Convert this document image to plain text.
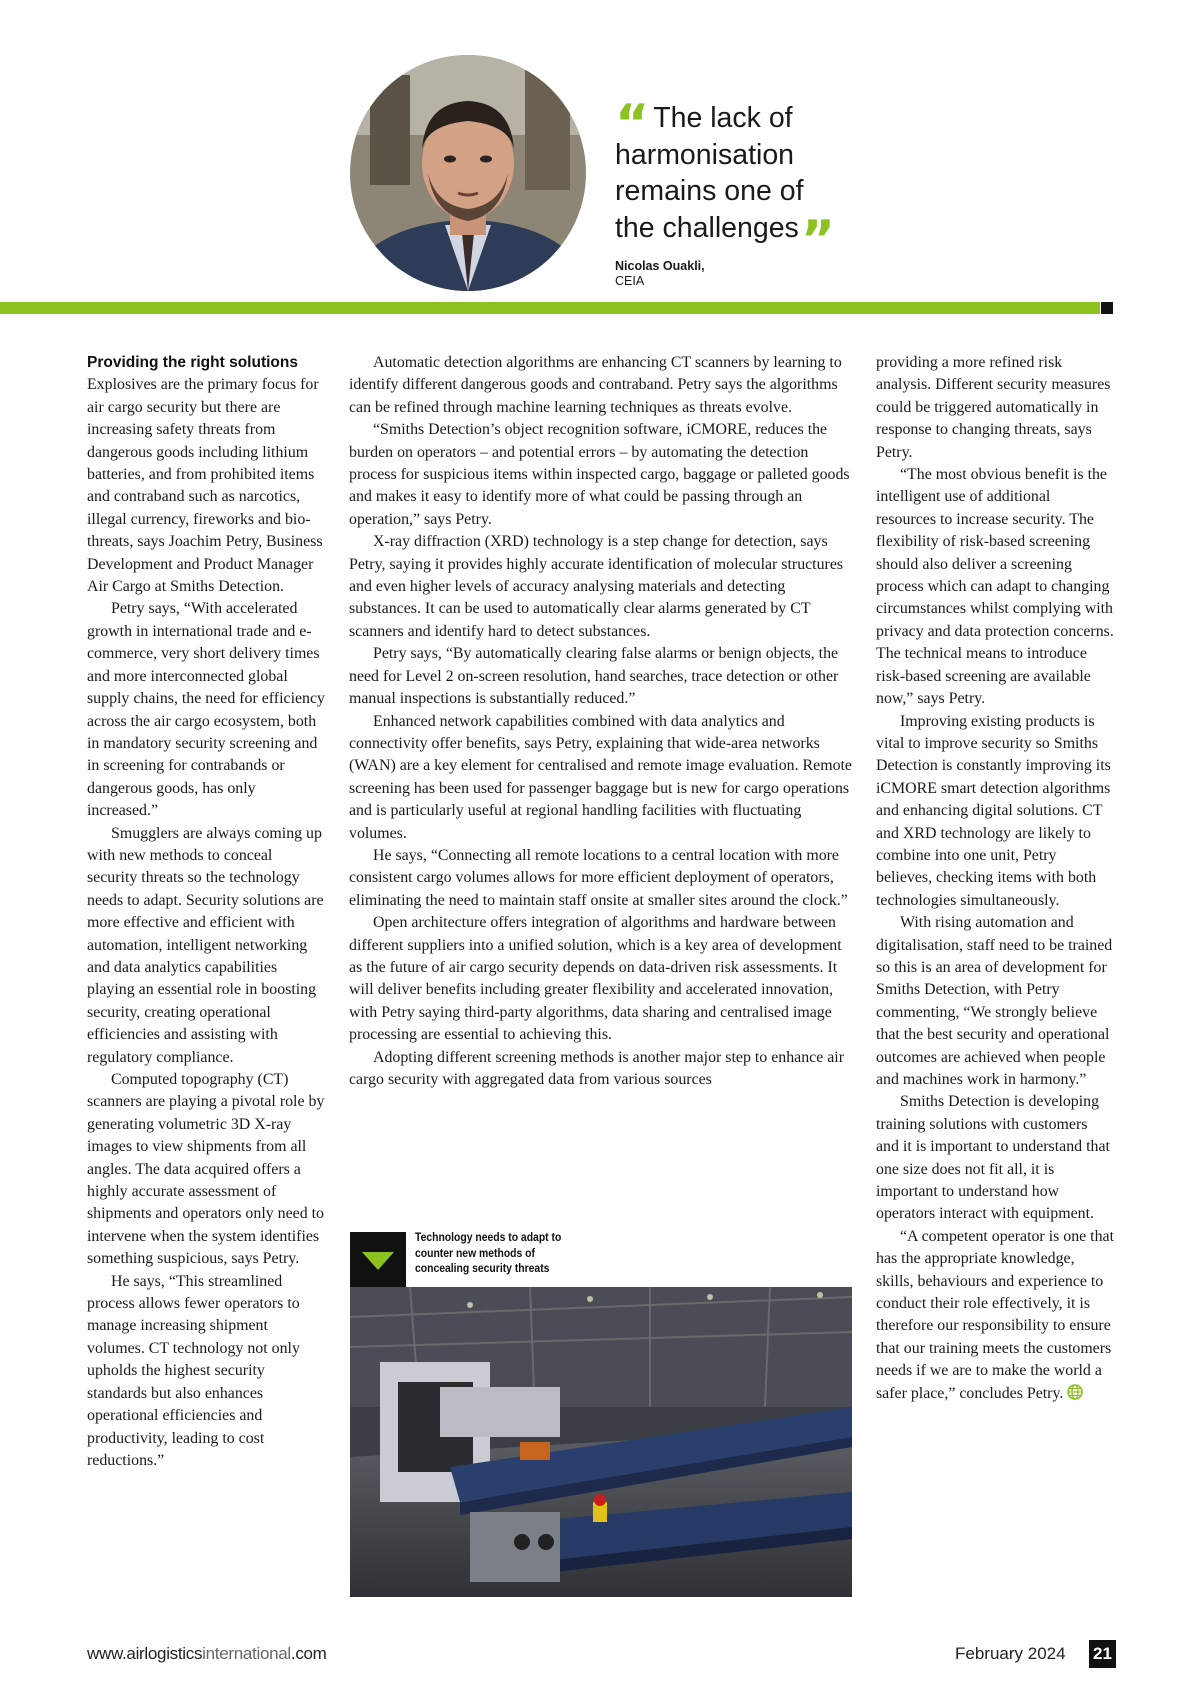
“ The lack of
harmonisation
remains one of
the challenges”
Nicolas Ouakli,
CEIA

Providing the right solutions

Explosives are the primary focus for air cargo security but there are increasing safety threats from dangerous goods including lithium batteries, and from prohibited items and contraband such as narcotics, illegal currency, fireworks and bio-threats, says Joachim Petry, Business Development and Product Manager Air Cargo at Smiths Detection.

Petry says, “With accelerated growth in international trade and e-commerce, very short delivery times and more interconnected global supply chains, the need for efficiency across the air cargo ecosystem, both in mandatory security screening and in screening for contrabands or dangerous goods, has only increased.”

Smugglers are always coming up with new methods to conceal security threats so the technology needs to adapt. Security solutions are more effective and efficient with automation, intelligent networking and data analytics capabilities playing an essential role in boosting security, creating operational efficiencies and assisting with regulatory compliance.

Computed topography (CT) scanners are playing a pivotal role by generating volumetric 3D X-ray images to view shipments from all angles. The data acquired offers a highly accurate assessment of shipments and operators only need to intervene when the system identifies something suspicious, says Petry.

He says, “This streamlined process allows fewer operators to manage increasing shipment volumes. CT technology not only upholds the highest security standards but also enhances operational efficiencies and productivity, leading to cost reductions.”

Automatic detection algorithms are enhancing CT scanners by learning to identify different dangerous goods and contraband. Petry says the algorithms can be refined through machine learning techniques as threats evolve.

“Smiths Detection’s object recognition software, iCMORE, reduces the burden on operators – and potential errors – by automating the detection process for suspicious items within inspected cargo, baggage or palleted goods and makes it easy to identify more of what could be passing through an operation,” says Petry.

X-ray diffraction (XRD) technology is a step change for detection, says Petry, saying it provides highly accurate identification of molecular structures and even higher levels of accuracy analysing materials and detecting substances. It can be used to automatically clear alarms generated by CT scanners and identify hard to detect substances.

Petry says, “By automatically clearing false alarms or benign objects, the need for Level 2 on-screen resolution, hand searches, trace detection or other manual inspections is substantially reduced.”

Enhanced network capabilities combined with data analytics and connectivity offer benefits, says Petry, explaining that wide-area networks (WAN) are a key element for centralised and remote image evaluation. Remote screening has been used for passenger baggage but is new for cargo operations and is particularly useful at regional handling facilities with fluctuating volumes.

He says, “Connecting all remote locations to a central location with more consistent cargo volumes allows for more efficient deployment of operators, eliminating the need to maintain staff onsite at smaller sites around the clock.”

Open architecture offers integration of algorithms and hardware between different suppliers into a unified solution, which is a key area of development as the future of air cargo security depends on data-driven risk assessments. It will deliver benefits including greater flexibility and accelerated innovation, with Petry saying third-party algorithms, data sharing and centralised image processing are essential to achieving this.

Adopting different screening methods is another major step to enhance air cargo security with aggregated data from various sources

Technology needs to adapt to counter new methods of concealing security threats

providing a more refined risk analysis. Different security measures could be triggered automatically in response to changing threats, says Petry.

“The most obvious benefit is the intelligent use of additional resources to increase security. The flexibility of risk-based screening should also deliver a screening process which can adapt to changing circumstances whilst complying with privacy and data protection concerns. The technical means to introduce risk-based screening are available now,” says Petry.

Improving existing products is vital to improve security so Smiths Detection is constantly improving its iCMORE smart detection algorithms and enhancing digital solutions. CT and XRD technology are likely to combine into one unit, Petry believes, checking items with both technologies simultaneously.

With rising automation and digitalisation, staff need to be trained so this is an area of development for Smiths Detection, with Petry commenting, “We strongly believe that the best security and operational outcomes are achieved when people and machines work in harmony.”

Smiths Detection is developing training solutions with customers and it is important to understand that one size does not fit all, it is important to understand how operators interact with equipment.

“A competent operator is one that has the appropriate knowledge, skills, behaviours and experience to conduct their role effectively, it is therefore our responsibility to ensure that our training meets the customers needs if we are to make the world a safer place,” concludes Petry.

www.airlogisticsinternational.com	February 2024 21
